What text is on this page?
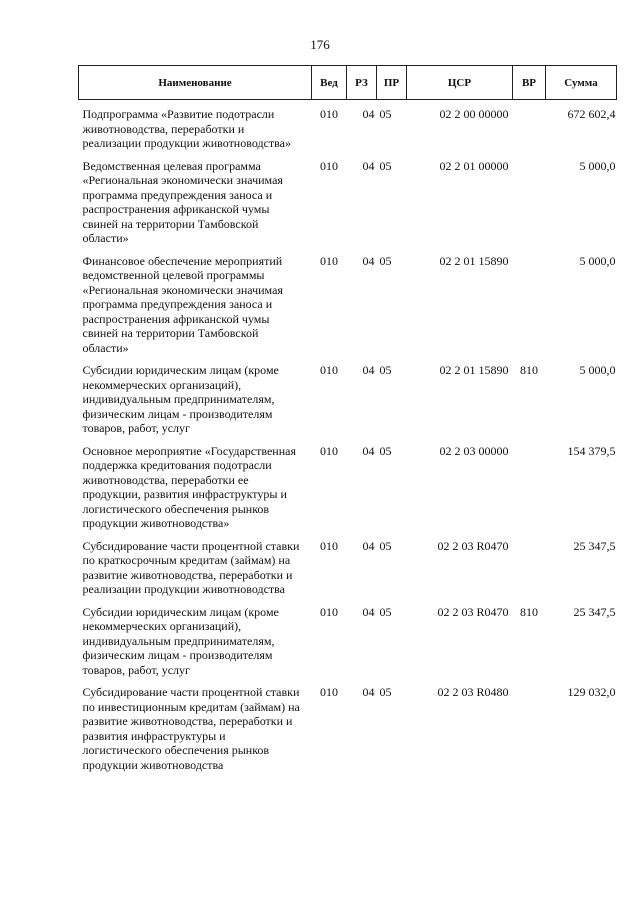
176
Наименование	Вед	РЗ	ПР	ЦСР	ВР	Сумма
Подпрограмма «Развитие подотрасли животноводства, переработки и реализации продукции животноводства»	010	04	05	02 2 00 00000		672 602,4
Ведомственная целевая программа «Региональная экономически значимая программа предупреждения заноса и распространения африканской чумы свиней на территории Тамбовской области»	010	04	05	02 2 01 00000		5 000,0
Финансовое обеспечение мероприятий ведомственной целевой программы «Региональная экономически значимая программа предупреждения заноса и распространения африканской чумы свиней на территории Тамбовской области»	010	04	05	02 2 01 15890		5 000,0
Субсидии юридическим лицам (кроме некоммерческих организаций), индивидуальным предпринимателям, физическим лицам - производителям товаров, работ, услуг	010	04	05	02 2 01 15890	810	5 000,0
Основное мероприятие «Государственная поддержка кредитования подотрасли животноводства, переработки ее продукции, развития инфраструктуры и логистического обеспечения рынков продукции животноводства»	010	04	05	02 2 03 00000		154 379,5
Субсидирование части процентной ставки по краткосрочным кредитам (займам) на развитие животноводства, переработки и реализации продукции животноводства	010	04	05	02 2 03 R0470		25 347,5
Субсидии юридическим лицам (кроме некоммерческих организаций), индивидуальным предпринимателям, физическим лицам - производителям товаров, работ, услуг	010	04	05	02 2 03 R0470	810	25 347,5
Субсидирование части процентной ставки по инвестиционным кредитам (займам) на развитие животноводства, переработки и развития инфраструктуры и логистического обеспечения рынков продукции животноводства	010	04	05	02 2 03 R0480		129 032,0
